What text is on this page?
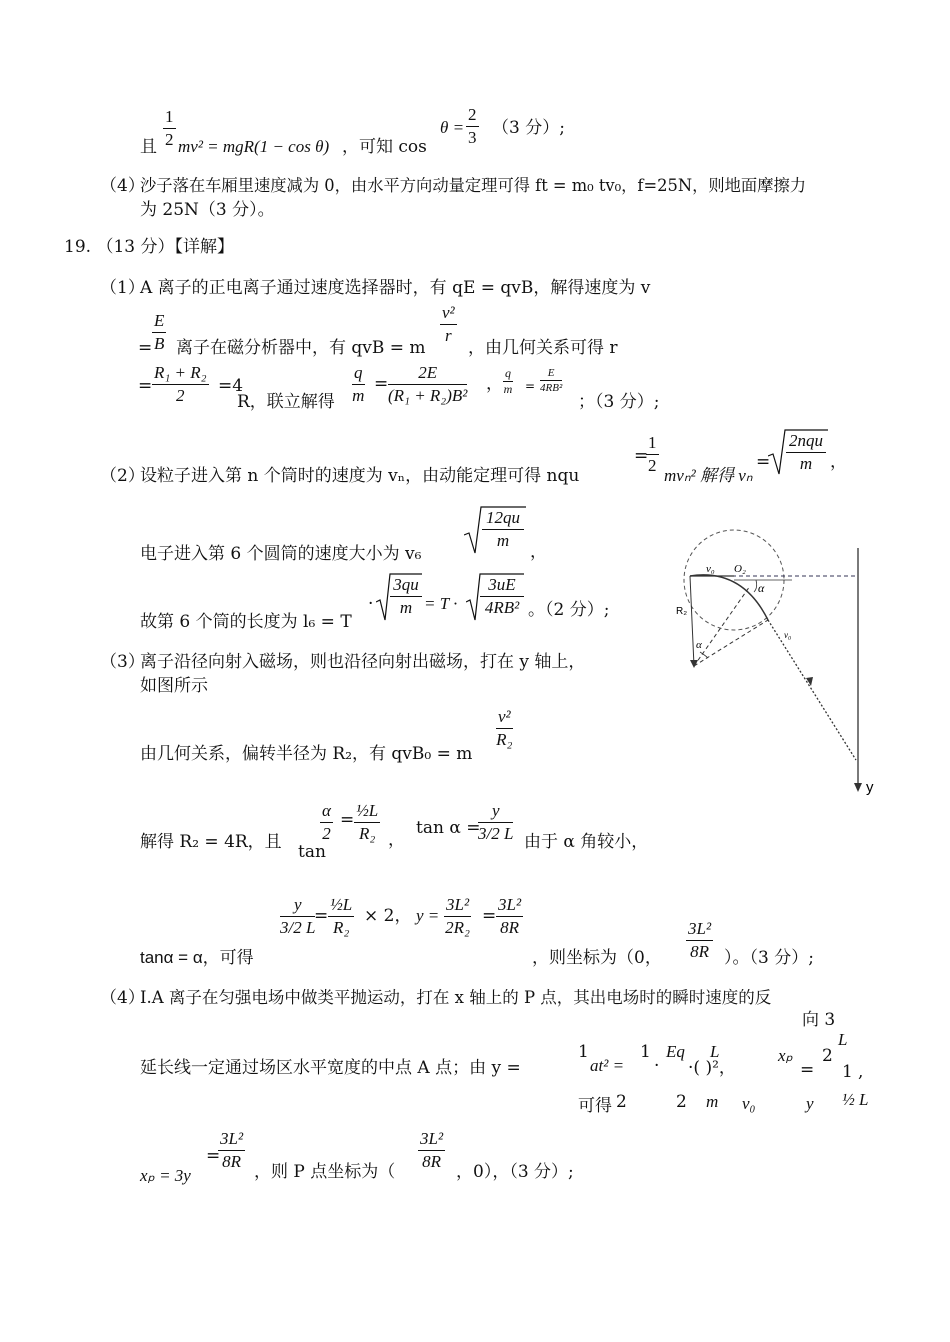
且 $\frac{1}{2} mv^2 = mgR(1 - \cos \theta)$ ，可知 cos
$\theta = \frac{2}{3} (3$ 分）;
（4）
沙子落在车厢里速度减为 0，由水平方向动量定理可得 ft = m₀ tv₀，f=25N，则地面摩擦力
为 25N（3 分）。
19. （13 分）【详解】
（1）
A 离子的正电离子通过速度选择器时，有 qE = qvB，解得速度为 v
= $\frac{E}{B}$ 离子在磁分析器中，有 qvB = m
$\frac{\text{v²}}{r}$
，由几何关系可得 r
= $\frac{\text{R₁ + R₂}}{2} =4$
R，联立解得 $\frac{q}{m} = \frac{2E}{\text{(R₁ + R₂)B²}}$ ， $\frac{q}{m} = \frac{E}{\text{4RB²}}$
；（3 分）;
（2）
设粒子进入第 n 个筒时的速度为 vₙ，由动能定理可得 nqu
=
$\frac{1}{2} mv_n^2$ 解得 vₙ
=
2nqu
m	，
电子进入第 6 个圆筒的速度大小为 v₆
$\frac{12qu}{m}$ ，
故第 6 个筒的长度为 l₆ = T
· $\frac{3qu}{m} = T \cdot \frac{3uE}{\text{4RB²}}$ 。（2 分）;
（3）
离子沿径向射入磁场，则也沿径向射出磁场，打在 y 轴上，
如图所示
由几何关系，偏转半径为 R₂，有 qvB₀ = m
$\frac{\text{v²}}{\text{R₂}}$
解得 R₂ = 4R，且 tan
$\frac{\alpha}{2} = \frac{\text{½L}}{\text{R₂}}$ ，
tan α =
$\frac{y}{3/2 L}$ 由于 α 角较小，
$\frac{y}{3/2 L}$
= $\frac{\text{½L}}{\text{R₂}} \times 2$， $y = \frac{\text{3L²}}{\text{2R₂}} = \frac{\text{3L²}}{8R}$
tanα = α，可得	，则坐标为（0， $\frac{\text{3L²}}{8R}$ ）。（3 分）;
（4）
I.A 离子在匀强电场中做类平抛运动，打在 x 轴上的 P 点，其出电场时的瞬时速度的反
向 3
延长线一定通过场区水平宽度的中点 A 点；由 y =
1
at² =
1
·
Eq
·( )²，
L	xₚ
=
2
L
1 ,
可得 2	2 m v₀	y ½ L
xₚ = 3y
=
$\frac{\text{3L²}}{8R}$ ，则 P 点坐标为（ $\frac{\text{3L²}}{8R}$ ，0），（3 分）;
v₀ O₂
α
R₂
α
v₀
y
